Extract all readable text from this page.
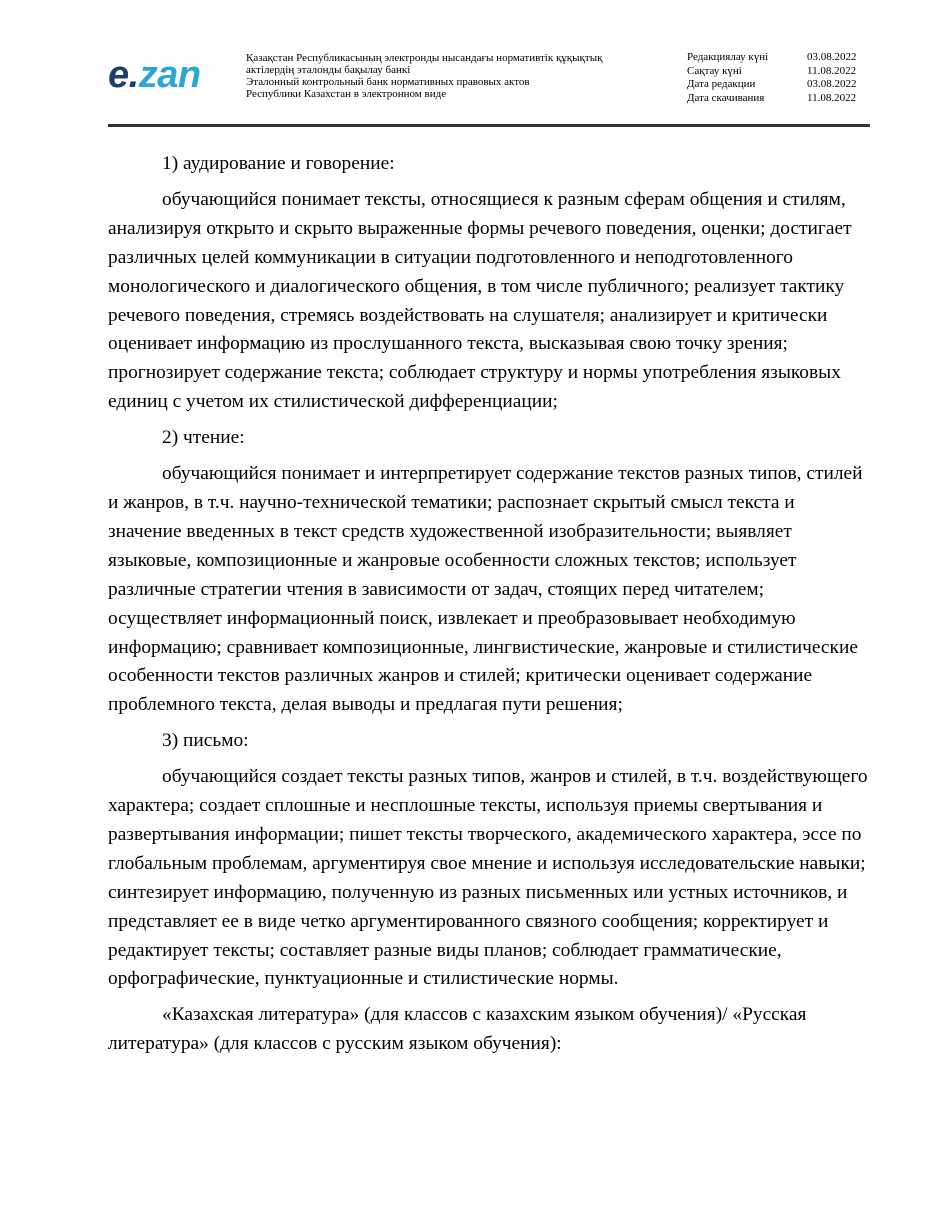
e.zan	Қазақстан Республикасының электронды нысандағы нормативтік құқықтық
актілердің эталонды бақылау банкі
Эталонный контрольный банк нормативных правовых актов
Республики Казахстан в электронном виде
Редакциялау күні	03.08.2022
Сақтау күні	11.08.2022
Дата редакции	03.08.2022
Дата скачивания	11.08.2022

1) аудирование и говорение:

обучающийся понимает тексты, относящиеся к разным сферам общения и стилям, анализируя открыто и скрыто выраженные формы речевого поведения, оценки; достигает различных целей коммуникации в ситуации подготовленного и неподготовленного монологического и диалогического общения, в том числе публичного; реализует тактику речевого поведения, стремясь воздействовать на слушателя; анализирует и критически оценивает информацию из прослушанного текста, высказывая свою точку зрения; прогнозирует содержание текста; соблюдает структуру и нормы употребления языковых единиц с учетом их стилистической дифференциации;

2) чтение:

обучающийся понимает и интерпретирует содержание текстов разных типов, стилей и жанров, в т.ч. научно-технической тематики; распознает скрытый смысл текста и значение введенных в текст средств художественной изобразительности; выявляет языковые, композиционные и жанровые особенности сложных текстов; использует различные стратегии чтения в зависимости от задач, стоящих перед читателем; осуществляет информационный поиск, извлекает и преобразовывает необходимую информацию; сравнивает композиционные, лингвистические, жанровые и стилистические особенности текстов различных жанров и стилей; критически оценивает содержание проблемного текста, делая выводы и предлагая пути решения;

3) письмо:

обучающийся создает тексты разных типов, жанров и стилей, в т.ч. воздействующего характера; создает сплошные и несплошные тексты, используя приемы свертывания и развертывания информации; пишет тексты творческого, академического характера, эссе по глобальным проблемам, аргументируя свое мнение и используя исследовательские навыки; синтезирует информацию, полученную из разных письменных или устных источников, и представляет ее в виде четко аргументированного связного сообщения; корректирует и редактирует тексты; составляет разные виды планов; соблюдает грамматические, орфографические, пунктуационные и стилистические нормы.

«Казахская литература» (для классов с казахским языком обучения)/ «Русская литература» (для классов с русским языком обучения):
